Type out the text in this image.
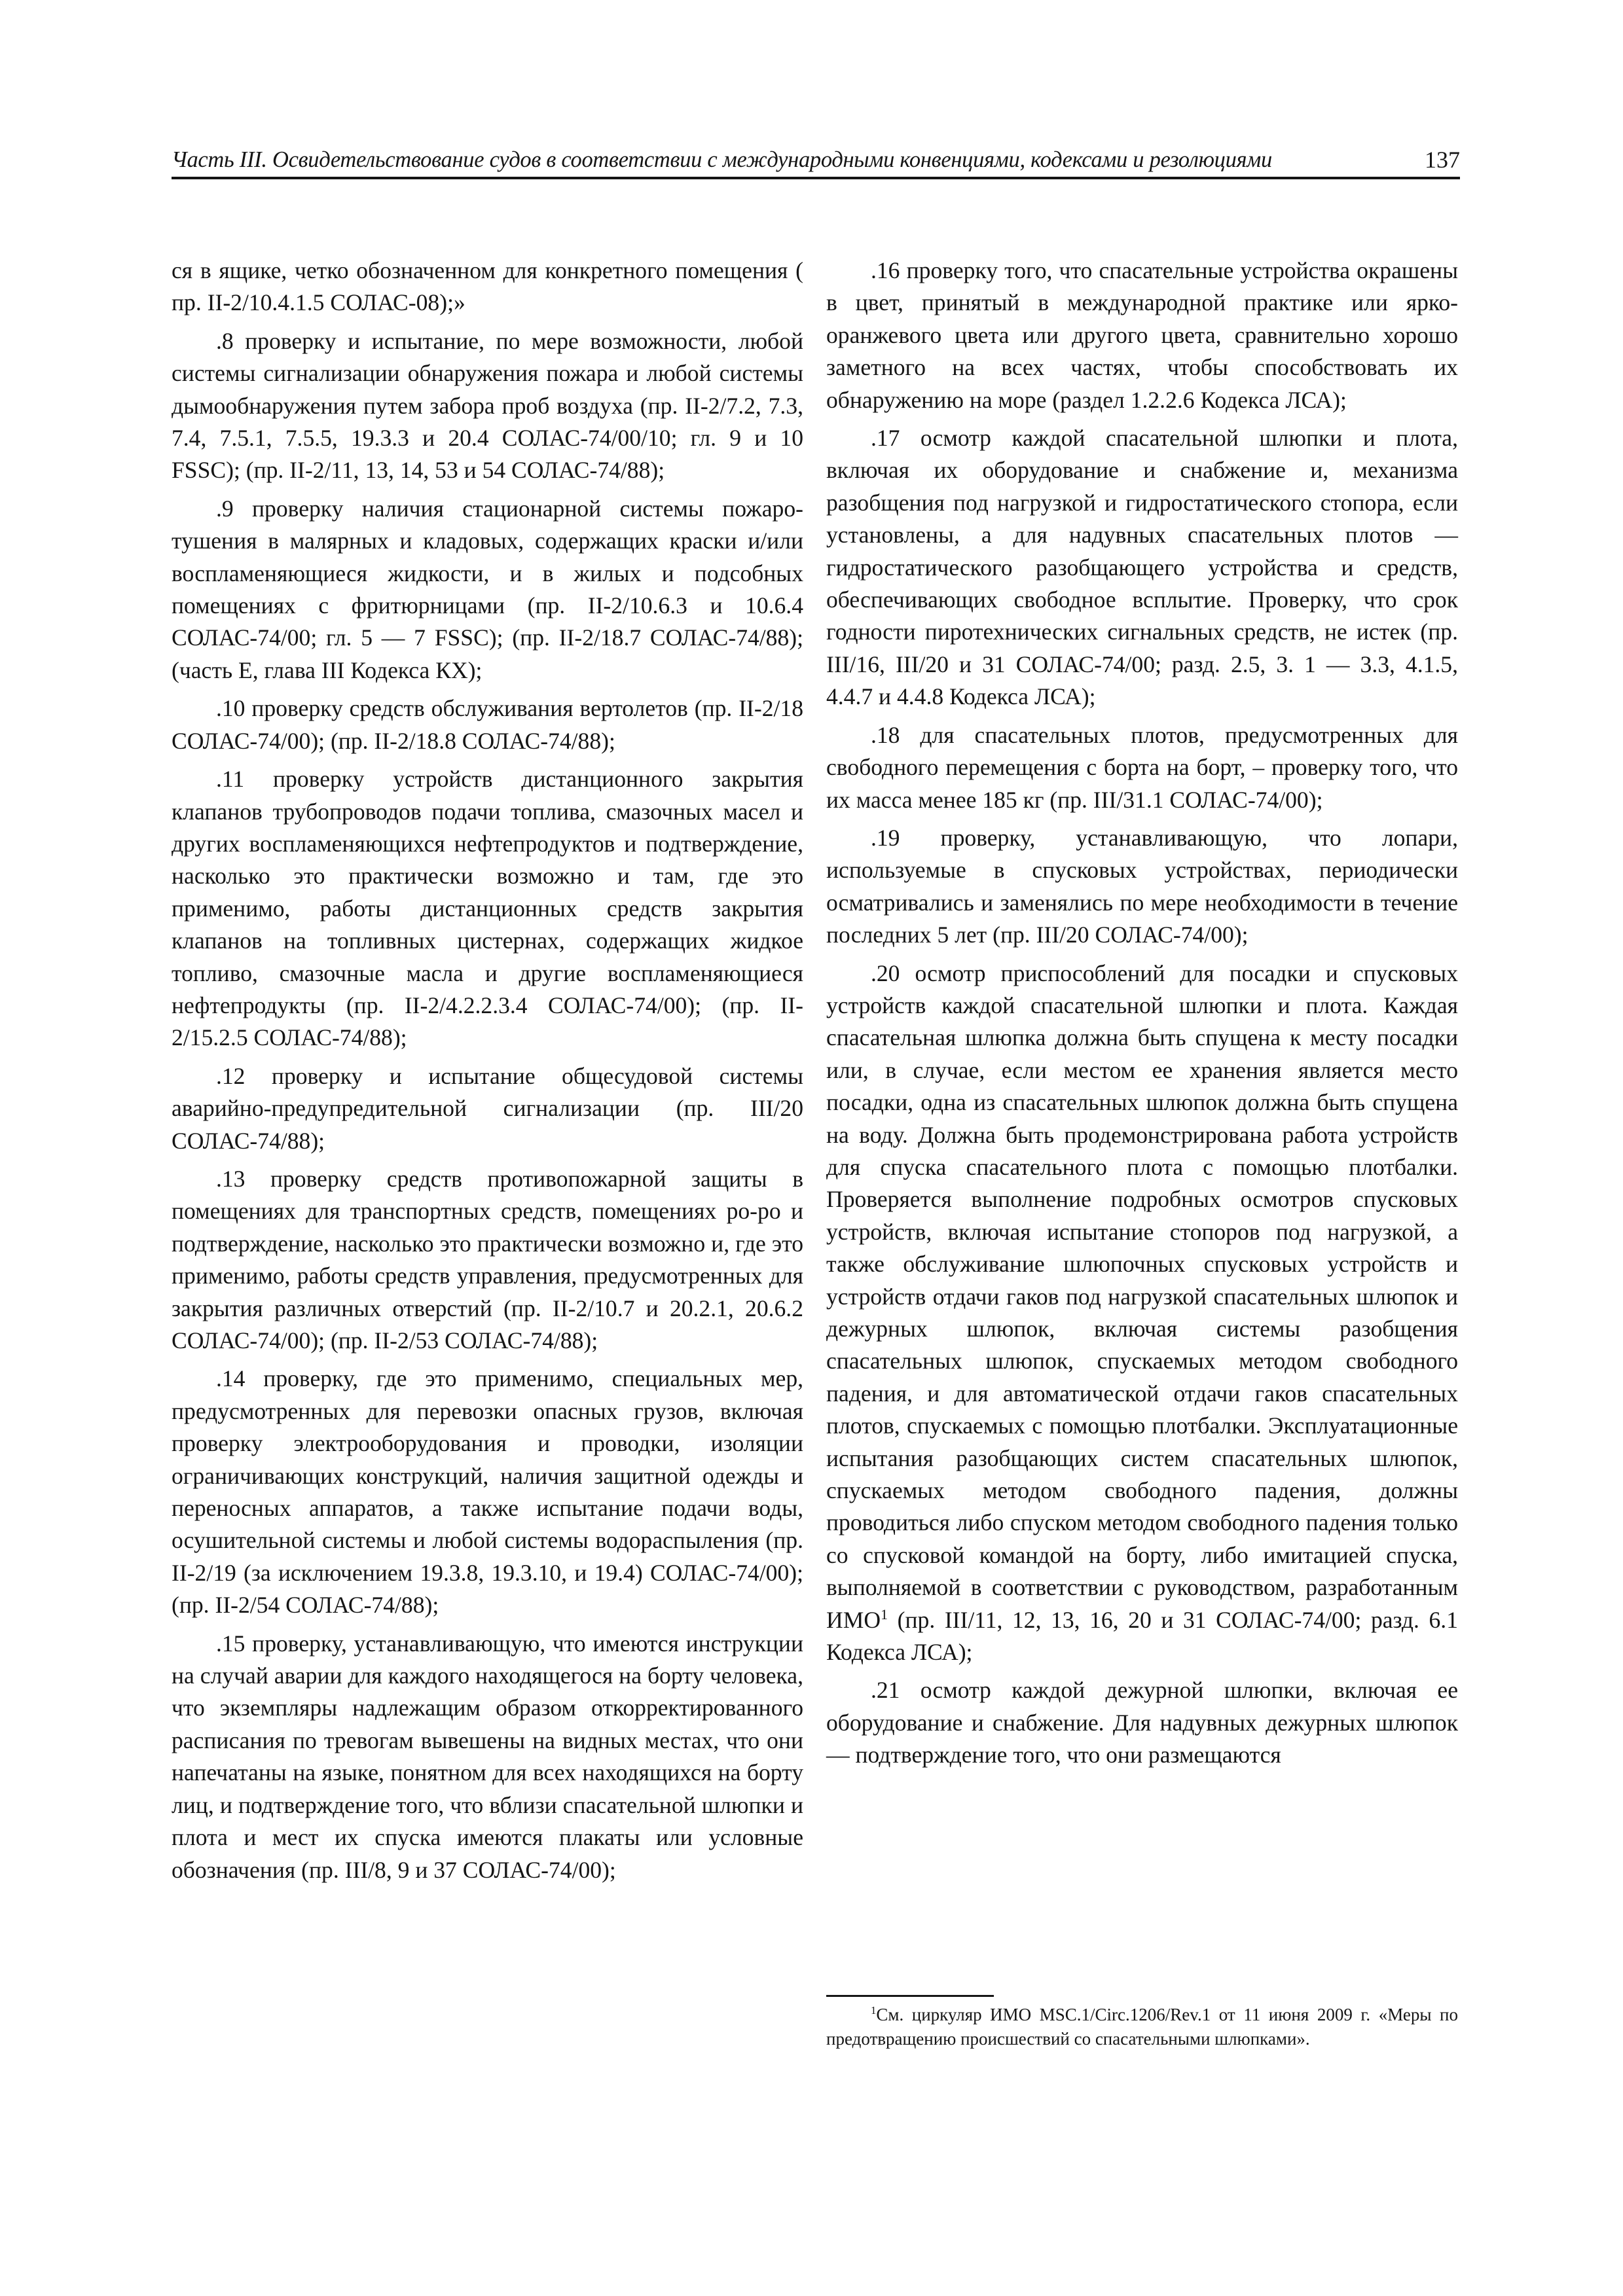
Часть III. Освидетельствование судов в соответствии с международными конвенциями, кодексами и резолюциями	137

ся в ящике, четко обозначенном для конкретного помещения ( пр. II-2/10.4.1.5 СОЛАС-08);»

.8 проверку и испытание, по мере возможности, любой системы сигнализации обнаружения пожара и любой системы дымообнаружения путем забора проб воздуха (пр. II-2/7.2, 7.3, 7.4, 7.5.1, 7.5.5, 19.3.3 и 20.4 СОЛАС-74/00/10; гл. 9 и 10 FSSC); (пр. II-2/11, 13, 14, 53 и 54 СОЛАС-74/88);

.9 проверку наличия стационарной системы пожаротушения в малярных и кладовых, содержащих краски и/или воспламеняющиеся жидкости, и в жилых и подсобных помещениях с фритюрницами (пр. II-2/10.6.3 и 10.6.4 СОЛАС-74/00; гл. 5 — 7 FSSC); (пр. II-2/18.7 СОЛАС-74/88); (часть Е, глава III Кодекса КХ);

.10 проверку средств обслуживания вертолетов (пр. II-2/18 СОЛАС-74/00); (пр. II-2/18.8 СОЛАС-74/88);

.11 проверку устройств дистанционного закрытия клапанов трубопроводов подачи топлива, смазочных масел и других воспламеняющихся нефтепродуктов и подтверждение, насколько это практически возможно и там, где это применимо, работы дистанционных средств закрытия клапанов на топливных цистернах, содержащих жидкое топливо, смазочные масла и другие воспламеняющиеся нефтепродукты (пр. II-2/4.2.2.3.4 СОЛАС-74/00); (пр. II-2/15.2.5 СОЛАС-74/88);

.12 проверку и испытание общесудовой системы аварийно-предупредительной сигнализации (пр. III/20 СОЛАС-74/88);

.13 проверку средств противопожарной защиты в помещениях для транспортных средств, помещениях ро-ро и подтверждение, насколько это практически возможно и, где это применимо, работы средств управления, предусмотренных для закрытия различных отверстий (пр. II-2/10.7 и 20.2.1, 20.6.2 СОЛАС-74/00); (пр. II-2/53 СОЛАС-74/88);

.14 проверку, где это применимо, специальных мер, предусмотренных для перевозки опасных грузов, включая проверку электрооборудования и проводки, изоляции ограничивающих конструкций, наличия защитной одежды и переносных аппаратов, а также испытание подачи воды, осушительной системы и любой системы водораспыления (пр. II-2/19 (за исключением 19.3.8, 19.3.10, и 19.4) СОЛАС-74/00); (пр. II-2/54 СОЛАС-74/88);

.15 проверку, устанавливающую, что имеются инструкции на случай аварии для каждого находящегося на борту человека, что экземпляры надлежащим образом откорректированного расписания по тревогам вывешены на видных местах, что они напечатаны на языке, понятном для всех находящихся на борту лиц, и подтверждение того, что вблизи спасательной шлюпки и плота и мест их спуска имеются плакаты или условные обозначения (пр. III/8, 9 и 37 СОЛАС-74/00);

.16 проверку того, что спасательные устройства окрашены в цвет, принятый в международной практике или ярко-оранжевого цвета или другого цвета, сравнительно хорошо заметного на всех частях, чтобы способствовать их обнаружению на море (раздел 1.2.2.6 Кодекса ЛСА);

.17 осмотр каждой спасательной шлюпки и плота, включая их оборудование и снабжение и, механизма разобщения под нагрузкой и гидростатического стопора, если установлены, а для надувных спасательных плотов — гидростатического разобщающего устройства и средств, обеспечивающих свободное всплытие. Проверку, что срок годности пиротехнических сигнальных средств, не истек (пр. III/16, III/20 и 31 СОЛАС-74/00; разд. 2.5, 3. 1 — 3.3, 4.1.5, 4.4.7 и 4.4.8 Кодекса ЛСА);

.18 для спасательных плотов, предусмотренных для свободного перемещения с борта на борт, – проверку того, что их масса менее 185 кг (пр. III/31.1 СОЛАС-74/00);

.19 проверку, устанавливающую, что лопари, используемые в спусковых устройствах, периодически осматривались и заменялись по мере необходимости в течение последних 5 лет (пр. III/20 СОЛАС-74/00);

.20 осмотр приспособлений для посадки и спусковых устройств каждой спасательной шлюпки и плота. Каждая спасательная шлюпка должна быть спущена к месту посадки или, в случае, если местом ее хранения является место посадки, одна из спасательных шлюпок должна быть спущена на воду. Должна быть продемонстрирована работа устройств для спуска спасательного плота с помощью плотбалки. Проверяется выполнение подробных осмотров спусковых устройств, включая испытание стопоров под нагрузкой, а также обслуживание шлюпочных спусковых устройств и устройств отдачи гаков под нагрузкой спасательных шлюпок и дежурных шлюпок, включая системы разобщения спасательных шлюпок, спускаемых методом свободного падения, и для автоматической отдачи гаков спасательных плотов, спускаемых с помощью плотбалки. Эксплуатационные испытания разобщающих систем спасательных шлюпок, спускаемых методом свободного падения, должны проводиться либо спуском методом свободного падения только со спусковой командой на борту, либо имитацией спуска, выполняемой в соответствии с руководством, разработанным ИМО$^1$ (пр. III/11, 12, 13, 16, 20 и 31 СОЛАС-74/00; разд. 6.1 Кодекса ЛСА);

.21 осмотр каждой дежурной шлюпки, включая ее оборудование и снабжение. Для надувных дежурных шлюпок — подтверждение того, что они размещаются

$^1$См. циркуляр ИМО MSC.1/Circ.1206/Rev.1 от 11 июня 2009 г. «Меры по предотвращению происшествий со спасательными шлюпками».
